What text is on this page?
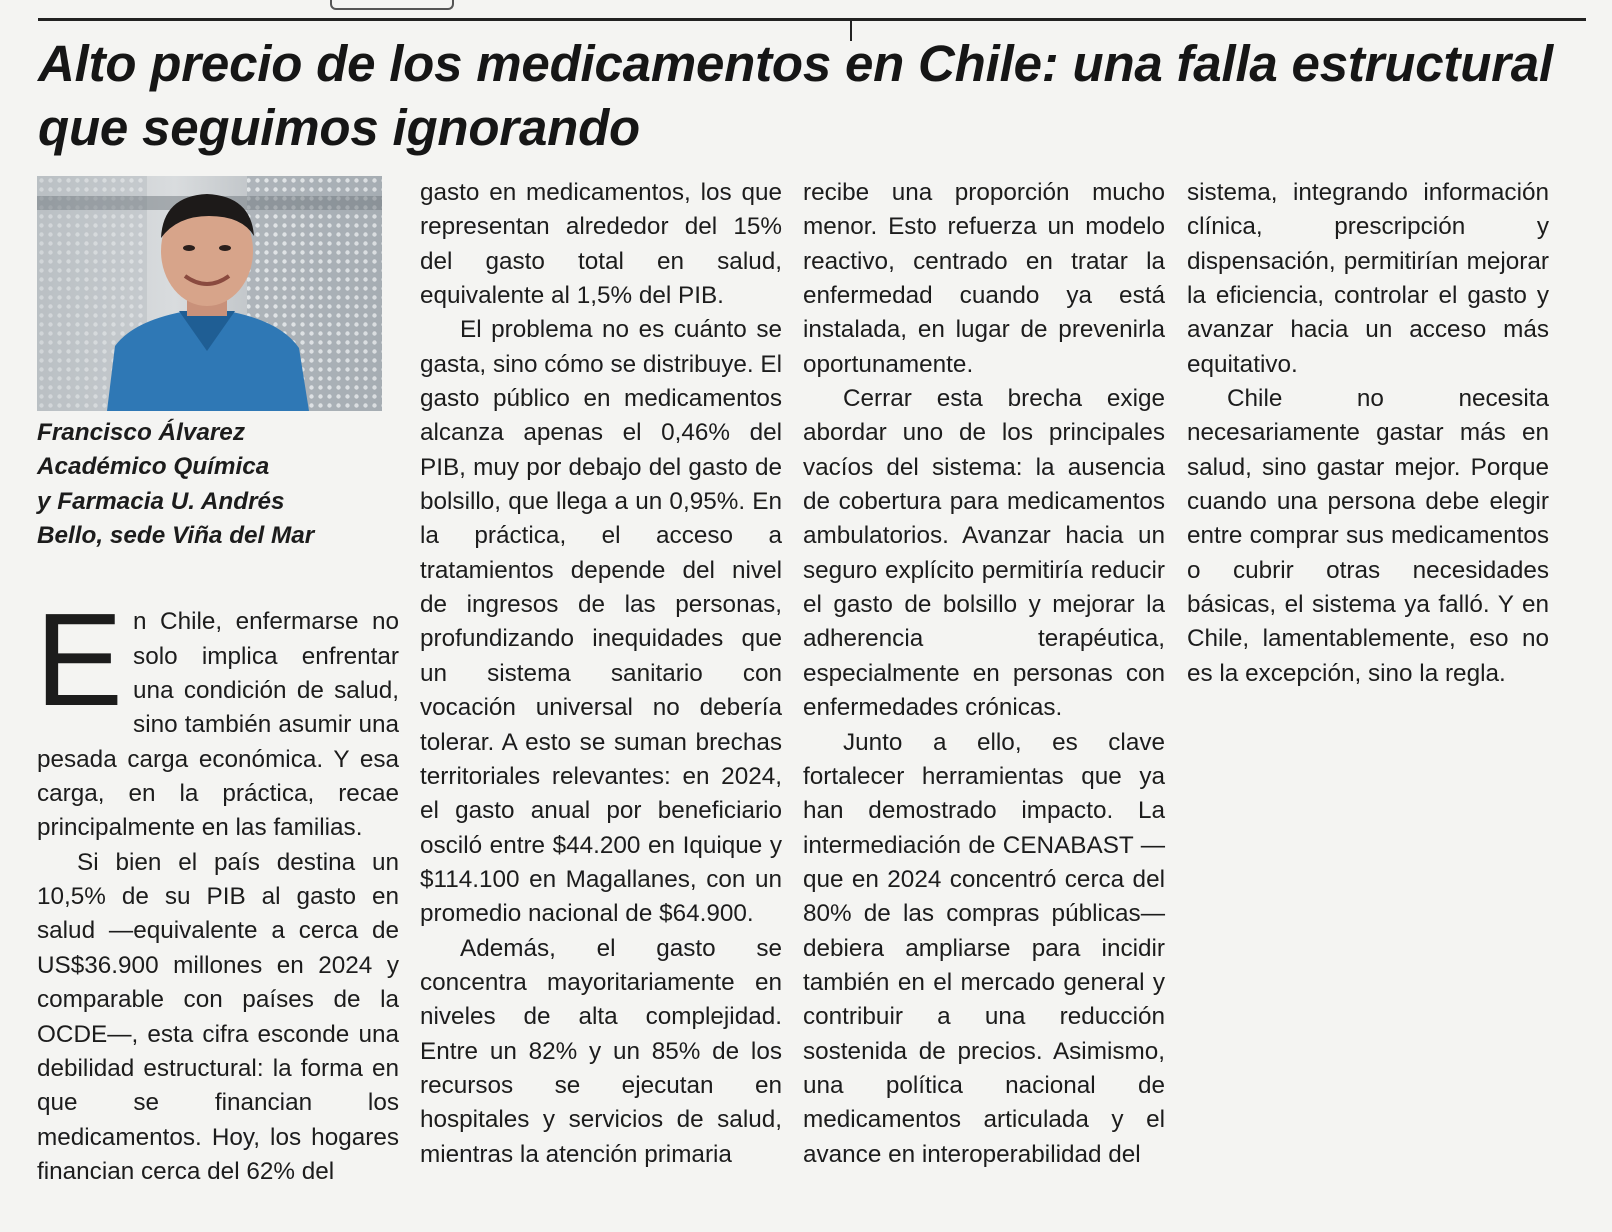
Alto precio de los medicamentos en Chile: una falla estructural que seguimos ignorando
Francisco Álvarez
Académico Química
y Farmacia U. Andrés
Bello, sede Viña del Mar

En Chile, enfermarse no solo implica enfrentar una condición de salud, sino también asumir una pesada carga económica. Y esa carga, en la práctica, recae principalmente en las familias.

Si bien el país destina un 10,5% de su PIB al gasto en salud —equivalente a cerca de US$36.900 millones en 2024 y comparable con países de la OCDE—, esta cifra esconde una debilidad estructural: la forma en que se financian los medicamentos. Hoy, los hogares financian cerca del 62% del

gasto en medicamentos, los que representan alrededor del 15% del gasto total en salud, equivalente al 1,5% del PIB.

El problema no es cuánto se gasta, sino cómo se distribuye. El gasto público en medicamentos alcanza apenas el 0,46% del PIB, muy por debajo del gasto de bolsillo, que llega a un 0,95%. En la práctica, el acceso a tratamientos depende del nivel de ingresos de las personas, profundizando inequidades que un sistema sanitario con vocación universal no debería tolerar. A esto se suman brechas territoriales relevantes: en 2024, el gasto anual por beneficiario osciló entre $44.200 en Iquique y $114.100 en Magallanes, con un promedio nacional de $64.900.

Además, el gasto se concentra mayoritariamente en niveles de alta complejidad. Entre un 82% y un 85% de los recursos se ejecutan en hospitales y servicios de salud, mientras la atención primaria

recibe una proporción mucho menor. Esto refuerza un modelo reactivo, centrado en tratar la enfermedad cuando ya está instalada, en lugar de prevenirla oportunamente.

Cerrar esta brecha exige abordar uno de los principales vacíos del sistema: la ausencia de cobertura para medicamentos ambulatorios. Avanzar hacia un seguro explícito permitiría reducir el gasto de bolsillo y mejorar la adherencia terapéutica, especialmente en personas con enfermedades crónicas.

Junto a ello, es clave fortalecer herramientas que ya han demostrado impacto. La intermediación de CENABAST —que en 2024 concentró cerca del 80% de las compras públicas— debiera ampliarse para incidir también en el mercado general y contribuir a una reducción sostenida de precios. Asimismo, una política nacional de medicamentos articulada y el avance en interoperabilidad del

sistema, integrando información clínica, prescripción y dispensación, permitirían mejorar la eficiencia, controlar el gasto y avanzar hacia un acceso más equitativo.

Chile no necesita necesariamente gastar más en salud, sino gastar mejor. Porque cuando una persona debe elegir entre comprar sus medicamentos o cubrir otras necesidades básicas, el sistema ya falló. Y en Chile, lamentablemente, eso no es la excepción, sino la regla.
